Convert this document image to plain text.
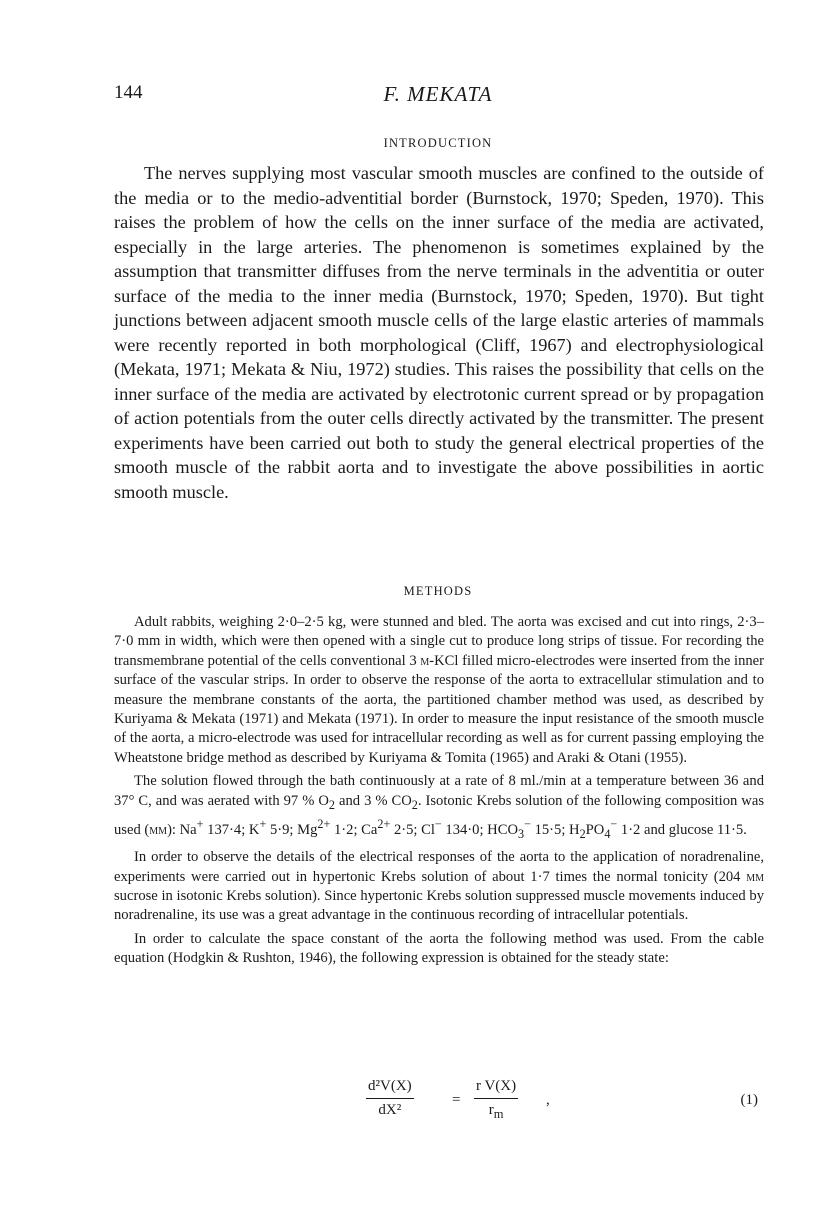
144	F. MEKATA
INTRODUCTION

The nerves supplying most vascular smooth muscles are confined to the outside of the media or to the medio-adventitial border (Burnstock, 1970; Speden, 1970). This raises the problem of how the cells on the inner surface of the media are activated, especially in the large arteries. The phenomenon is sometimes explained by the assumption that transmitter diffuses from the nerve terminals in the adventitia or outer surface of the media to the inner media (Burnstock, 1970; Speden, 1970). But tight junctions between adjacent smooth muscle cells of the large elastic arteries of mammals were recently reported in both morphological (Cliff, 1967) and electrophysiological (Mekata, 1971; Mekata & Niu, 1972) studies. This raises the possibility that cells on the inner surface of the media are activated by electrotonic current spread or by propagation of action potentials from the outer cells directly activated by the transmitter. The present experiments have been carried out both to study the general electrical properties of the smooth muscle of the rabbit aorta and to investigate the above possibilities in aortic smooth muscle.

METHODS

Adult rabbits, weighing 2·0–2·5 kg, were stunned and bled. The aorta was excised and cut into rings, 2·3–7·0 mm in width, which were then opened with a single cut to produce long strips of tissue. For recording the transmembrane potential of the cells conventional 3 m-KCl filled micro-electrodes were inserted from the inner surface of the vascular strips. In order to observe the response of the aorta to extracellular stimulation and to measure the membrane constants of the aorta, the partitioned chamber method was used, as described by Kuriyama & Mekata (1971) and Mekata (1971). In order to measure the input resistance of the smooth muscle of the aorta, a micro-electrode was used for intracellular recording as well as for current passing employing the Wheatstone bridge method as described by Kuriyama & Tomita (1965) and Araki & Otani (1955).

The solution flowed through the bath continuously at a rate of 8 ml./min at a temperature between 36 and 37° C, and was aerated with 97 % $O_2$ and 3 % $CO_2$. Isotonic Krebs solution of the following composition was used (mm): Na+ 137·4; K+ 5·9; $Mg^{2+}$ 1·2; $Ca^{2+}$ 2·5; Cl− 134·0; $HCO_3^-$ 15·5; $H_2PO_4^-$ 1·2 and glucose 11·5.

In order to observe the details of the electrical responses of the aorta to the application of noradrenaline, experiments were carried out in hypertonic Krebs solution of about 1·7 times the normal tonicity (204 mm sucrose in isotonic Krebs solution). Since hypertonic Krebs solution suppressed muscle movements induced by noradrenaline, its use was a great advantage in the continuous recording of intracellular potentials.

In order to calculate the space constant of the aorta the following method was used. From the cable equation (Hodgkin & Rushton, 1946), the following expression is obtained for the steady state:

$\frac{\text{d²V(X)}}{\text{dX²}}$	= $\frac{\text{r V(X)}}{r_m}$ ,	(1)
